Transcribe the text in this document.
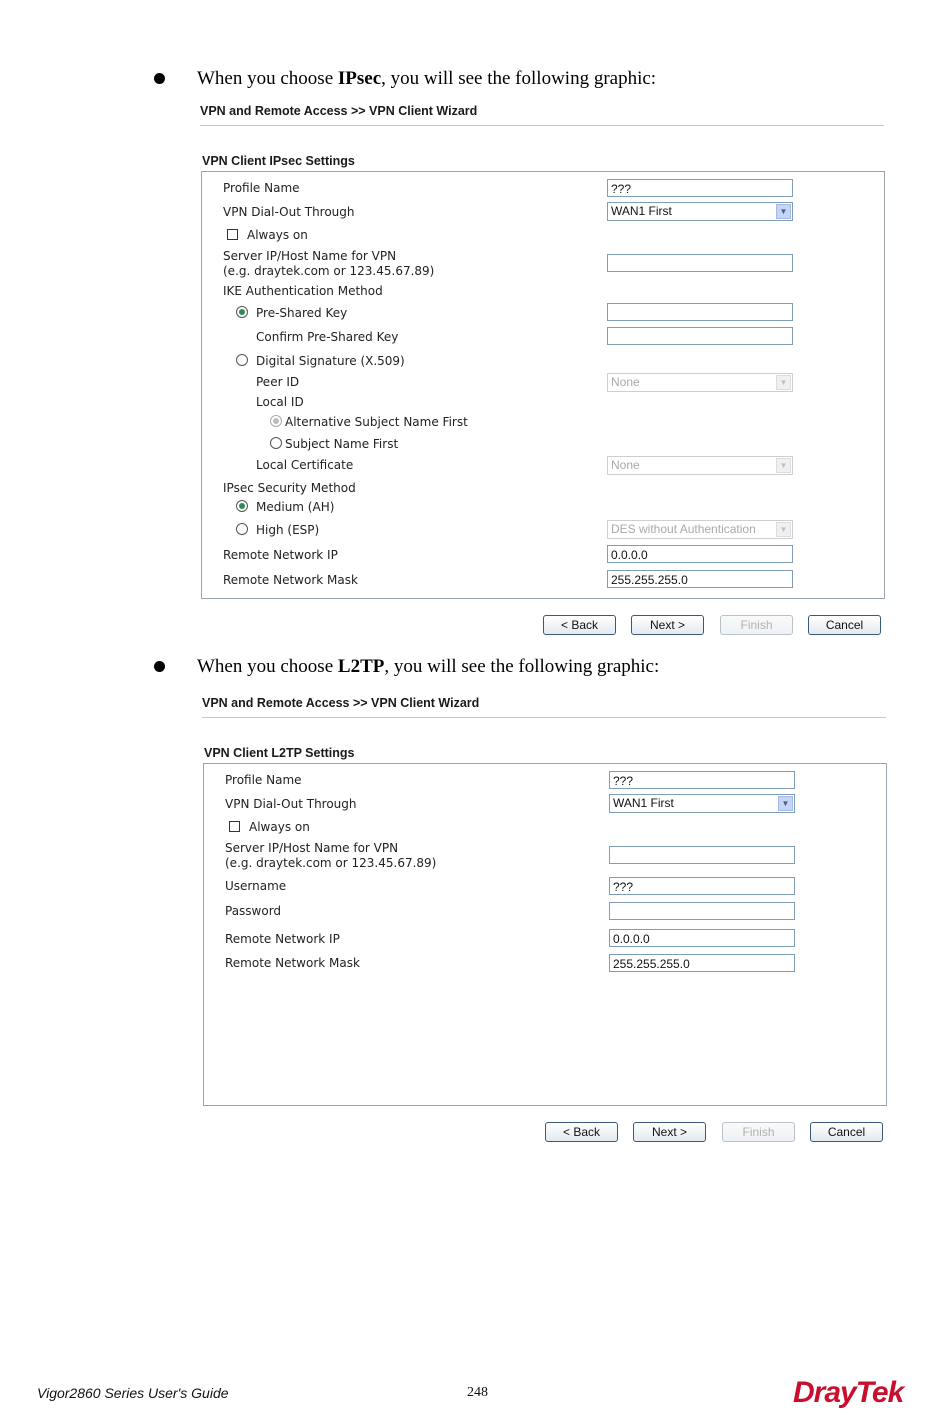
When you choose IPsec, you will see the following graphic:
VPN and Remote Access >> VPN Client Wizard
VPN Client IPsec Settings
Profile Name	???
VPN Dial-Out Through	WAN1 First	▼
Always on
Server IP/Host Name for VPN
(e.g. draytek.com or 123.45.67.89)
IKE Authentication Method
Pre-Shared Key
Confirm Pre-Shared Key
Digital Signature (X.509)
Peer ID	None	▼
Local ID
Alternative Subject Name First
Subject Name First
Local Certificate	None	▼
IPsec Security Method
Medium (AH)
High (ESP)	DES without Authentication	▼
Remote Network IP	0.0.0.0
Remote Network Mask	255.255.255.0
< Back	Next >	Finish	Cancel
When you choose L2TP, you will see the following graphic:
VPN and Remote Access >> VPN Client Wizard
VPN Client L2TP Settings
Profile Name	???
VPN Dial-Out Through	WAN1 First	▼
Always on
Server IP/Host Name for VPN
(e.g. draytek.com or 123.45.67.89)
Username	???
Password
Remote Network IP	0.0.0.0
Remote Network Mask	255.255.255.0
< Back	Next >	Finish	Cancel
Vigor2860 Series User's Guide	248	DrayTek
